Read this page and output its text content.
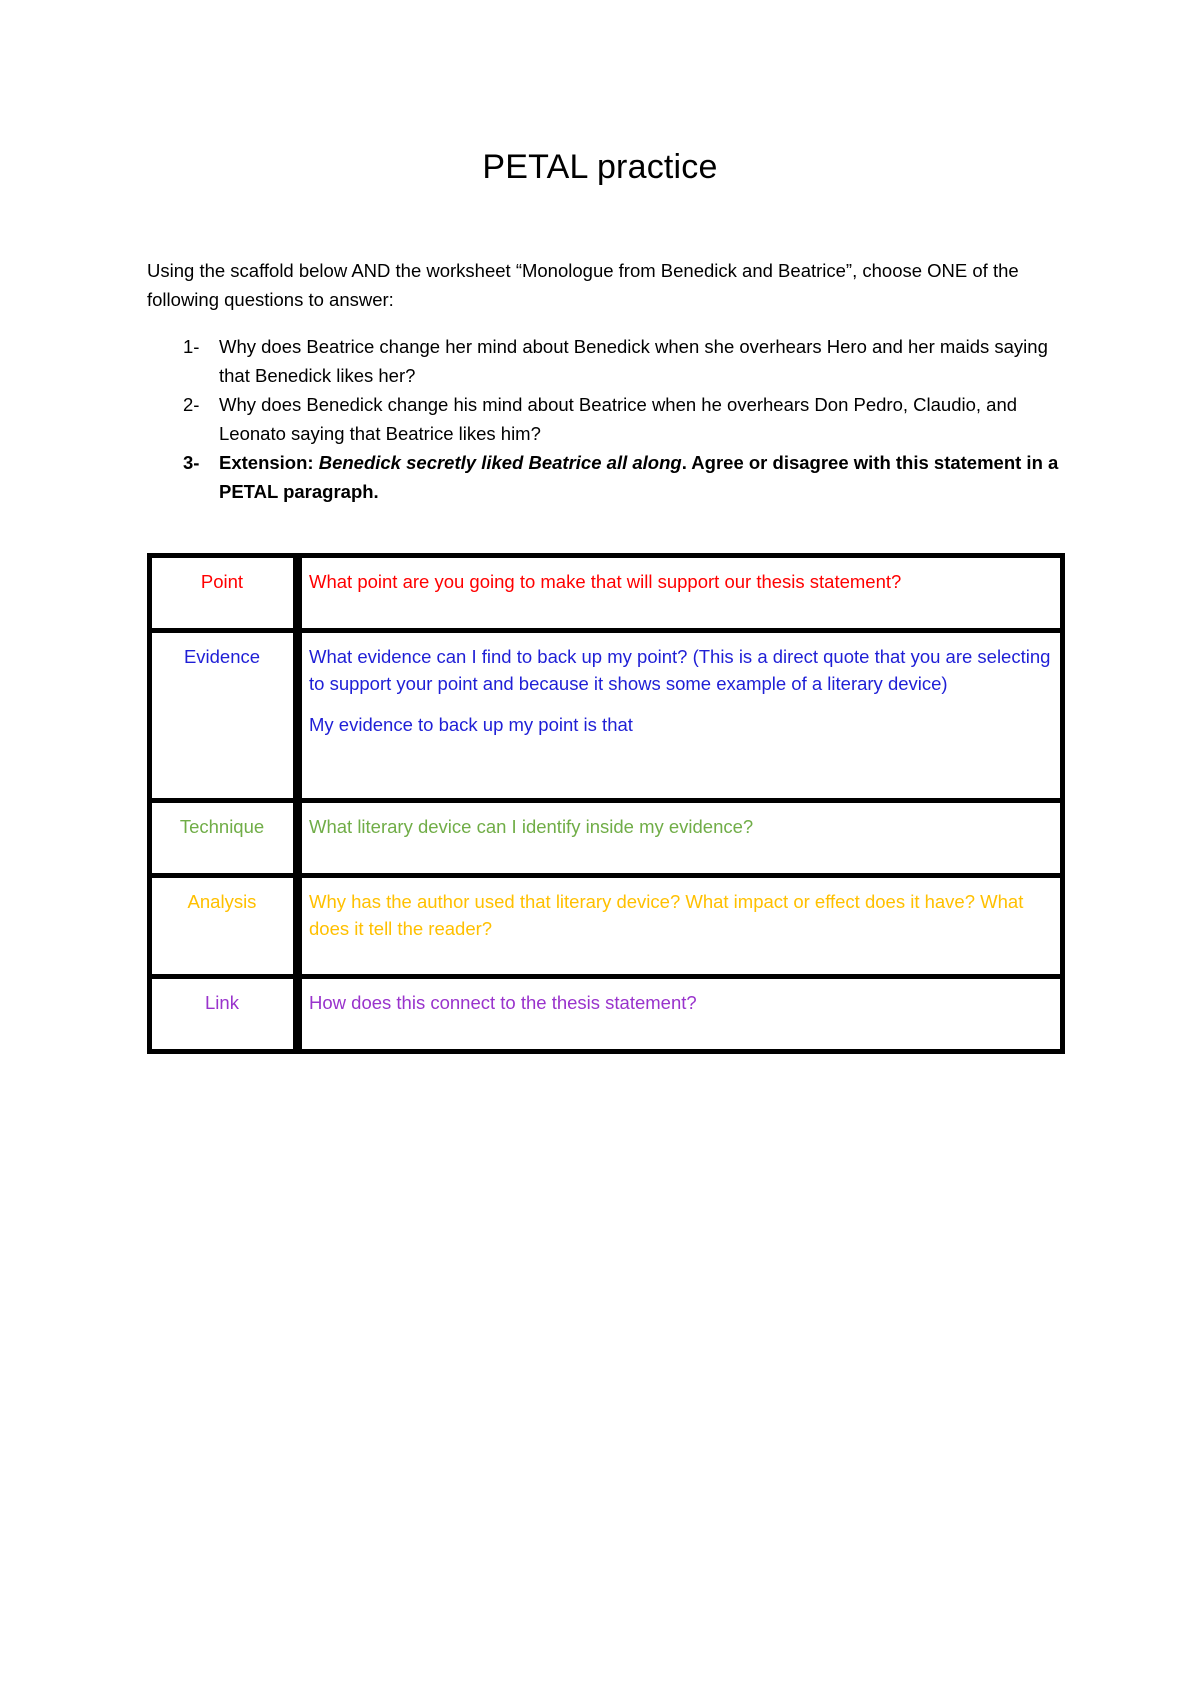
PETAL practice
Using the scaffold below AND the worksheet “Monologue from Benedick and Beatrice”, choose ONE of the following questions to answer:
1-	Why does Beatrice change her mind about Benedick when she overhears Hero and her maids saying that Benedick likes her?
2-	Why does Benedick change his mind about Beatrice when he overhears Don Pedro, Claudio, and Leonato saying that Beatrice likes him?
3-	Extension: Benedick secretly liked Beatrice all along. Agree or disagree with this statement in a PETAL paragraph.
Point	What point are you going to make that will support our thesis statement?

Evidence	What evidence can I find to back up my point? (This is a direct quote that you are selecting to support your point and because it shows some example of a literary device)

My evidence to back up my point is that

Technique	What literary device can I identify inside my evidence?

Analysis	Why has the author used that literary device? What impact or effect does it have? What does it tell the reader?

Link	How does this connect to the thesis statement?
